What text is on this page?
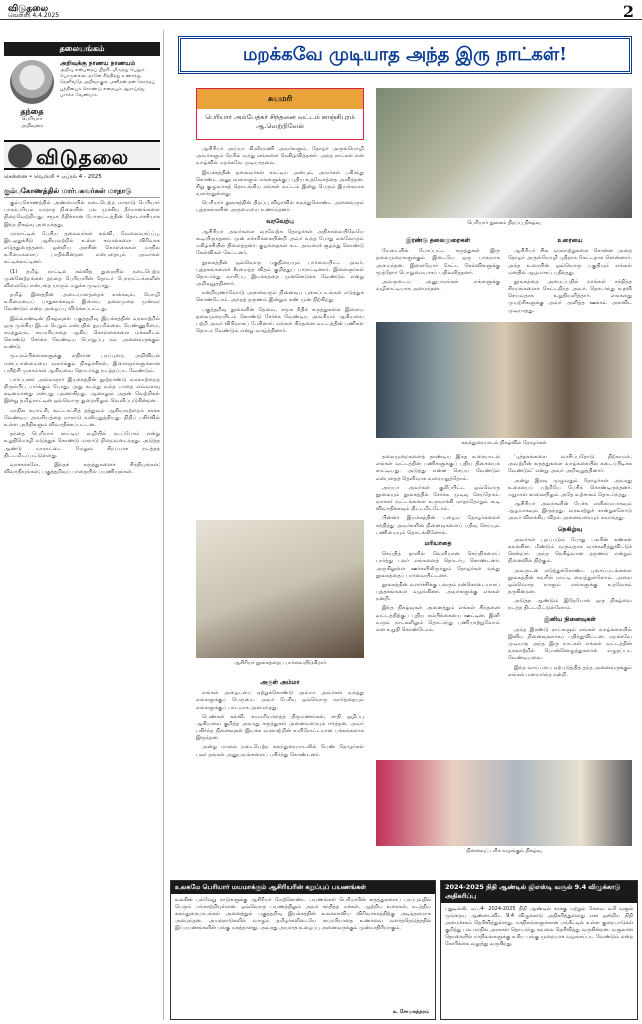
விடுதலை
வெள்ளி 4.4.2025	2
தலையங்கம்
தந்தை
பெரியார் அறிவுரை
அறிவுக்கு நாணய நாணயம்
அறிவு என்பதைப் பிறரிடமிருந்து பெறும் பொருளல்ல; தானே சிந்தித்து உணர்ந்து தெளிவதே அறிவாகும். மனிதன் தன் சொந்தப் புத்தியைக் கொண்டு எதையும் ஆராய்ந்து பார்க்க வேண்டும்.
விடுதலை
சென்னை • வெள்ளி • ஏப்ரல் 4 - 2025
கும்பகோணத்தில் மார்பகவர்கள் மாநாடு

கும்பகோணத்தில் அண்மையில் நடைபெற்ற மாநாடு பெரியார் பாரம்பரியம் மாறாத நிலையில் பல முக்கிய தீர்மானங்களை நிறைவேற்றியது. சமூக நீதிக்கான போராட்டத்தின் தொடர்ச்சியாக இந்த நிகழ்வு அமைந்தது.

மாநாட்டில் பேசிய தலைவர்கள் கல்வி, வேலைவாய்ப்பு, இடஒதுக்கீடு ஆகியவற்றில் உள்ள சவால்களை விரிவாக எடுத்துரைத்தனர். ஒன்றிய அரசின் கொள்கைகள் மாநில உரிமைகளைப் பாதிக்கின்றன என்பதையும் அவர்கள் சுட்டிக்காட்டினர்.

(1) தமிழ் நாட்டில் கல்வித் துறையில் நடைபெற்ற முன்னேற்றங்கள் தந்தை பெரியாரின் தொடர் போராட்டங்களின் விளைவே என்பதை யாரும் மறுக்க முடியாது.

தமிழ் இனத்தின் அடையாளத்தைக் காக்கவும், மொழி உரிமையைப் பாதுகாக்கவும் இளைய தலைமுறை முன்வர வேண்டும் என்ற அழைப்பு விடுக்கப்பட்டது.

இவ்வாண்டின் நிகழ்வுகள் பகுத்தறிவு இயக்கத்தின் வரலாற்றில் ஒரு முக்கிய இடம் பெறும் என்பதில் ஐயமில்லை. பெண்ணுரிமை, சமத்துவம், சுயமரியாதை ஆகிய கொள்கைகளை மக்களிடம் கொண்டு சேர்க்க வேண்டிய பொறுப்பு நம் அனைவருக்கும் உண்டு.

மூடநம்பிக்கைகளுக்கு எதிரான பரப்புரை, அறிவியல் மனப்பான்மையை வளர்க்கும் நிகழ்ச்சிகள், இளைஞர்களுக்கான பயிற்சி முகாம்கள் ஆகியவை தொடர்ந்து நடத்தப்பட வேண்டும்.

பார்ப்பனர் அல்லாதார் இயக்கத்தின் நூற்றாண்டு வரலாற்றைத் திரும்பிப் பார்க்கும் போது, அது கடந்து வந்த பாதை எவ்வளவு கடினமானது என்பது புலனாகிறது. ஆனாலும் அதன் வெற்றிகள் இன்று தமிழ்நாட்டின் ஒவ்வொரு துறையிலும் வெளிப்படுகின்றன.

மாநில சுயாட்சி, கூட்டாட்சித் தத்துவம் ஆகியவற்றைக் காக்க வேண்டிய அவசியத்தை மாநாடு வலியுறுத்தியது. நிதிப் பகிர்வில் உள்ள அநீதிகளும் விவாதிக்கப்பட்டன.

தந்தை பெரியார் காட்டிய வழியில் நடப்போம் என்று உறுதிமொழி எடுத்துக் கொண்டு மாநாடு நிறைவடைந்தது. அடுத்த ஆண்டு மாநாட்டை மேலும் சிறப்பாக நடத்தத் திட்டமிடப்பட்டுள்ளது.

வாசகர்களே, இந்தக் கருத்துகளைச் சிந்தியுங்கள்; விவாதியுங்கள்; பகுத்தறிவுப் பாதையில் பயணியுங்கள்.

மறக்கவே முடியாத அந்த இரு நாட்கள்!
சுயமரி
பெரியார் அம்பேத்கர் சிந்தனை வட்டம் காஞ்சிபுரம் ஆ.வெற்றிவேல்
பெரியார் நூலகம் திறப்பு நிகழ்வு

ஆசிரியர் அய்யா கி.வீரமணி அவர்களும், தோழர் அருள்மொழி அவர்களும் நேரில் வந்து எங்களை நெகிழ்வித்தனர். அந்த நாட்கள் என் வாழ்வில் மறக்கவே முடியாதவை.

இயக்கத்தின் தலைவர்கள் காட்டிய அன்பும், அவர்கள் பகிர்ந்து கொண்ட அனுபவங்களும் எங்களுக்குப் புதிய உத்வேகத்தை அளித்தன. சிறு குழுவாகத் தொடங்கிய எங்கள் வட்டம் இன்று பெரும் இயக்கமாக வளர்ந்துள்ளது.

பெரியார் நூலகத்தின் திறப்பு விழாவில் கலந்துகொண்ட அனைவரும் புத்தகங்களின் அருமையை உணர்ந்தனர்.

வரவேற்பு

ஆசிரியர் அவர்களை வரவேற்க தோழர்கள் அதிகாலையிலேயே கூடியிருந்தனர். முன் எச்சரிக்கையின்றி அவர் வந்த போது எல்லோரும் மகிழ்ச்சியில் திளைத்தனர். குழந்தைகள் கூட அவரைச் சூழ்ந்து கொண்டு கேள்விகள் கேட்டனர்.

நூலகத்தின் ஒவ்வொரு பகுதியையும் பார்வையிட்ட அவர், புத்தகங்களைச் சீரமைத்த விதம் குறித்துப் பாராட்டினார். இளைஞர்கள் தொடர்ந்து வாசிப்பு இயக்கத்தை முன்னெடுக்க வேண்டும் என்று அறிவுறுத்தினார்.

நன்றியுணர்வோடு அனைவரும் நினைவுப் புகைப்படங்கள் எடுத்துக் கொண்டோம். அந்தத் தருணம் இன்றும் கண் முன் நிற்கிறது.

பகுத்தறிவு நூல்களின் தேவை, சமூக நீதிக் கருத்துகளை இளைய தலைமுறையிடம் கொண்டு சேர்க்க வேண்டிய அவசியம் ஆகியவை பற்றி அவர் விரிவாகப் பேசினார். எங்கள் சிந்தனை வட்டத்தின் பணிகள் தொடர வேண்டும் என்று வாழ்த்தினார்.

ஆசிரியர் நூலகத்தைப் பார்வையிடுகிறார்
அருள் அம்மா

எங்கள் அழைப்பை ஏற்றுக்கொண்டு அம்மா அவர்கள் வந்தது எங்களுக்குப் பெருமை. அவர் பேசிய ஒவ்வொரு வார்த்தையும் எங்களுக்குப் பாடமாக அமைந்தது.

பெண்கள் கல்வி, சுயமரியாதைத் திருமணங்கள், சாதி ஒழிப்பு ஆகியவை குறித்த அவரது கருத்துகள் அனைவரையும் ஈர்த்தன. அவர் பகிர்ந்த நினைவுகள் இயக்க வரலாற்றின் உயிரோட்டமான பக்கங்களாக இருந்தன.

அன்று மாலை நடைபெற்ற கலந்துரையாடலில் பெண் தோழர்கள் பலர் தங்கள் அனுபவங்களைப் பகிர்ந்து கொண்டனர்.

இரண்டு தலைமுறைகள்

மேடையில் பேசப்பட்ட கருத்துகள் இரு தலைமுறைகளுக்கும் இடையே ஒரு பாலமாக அமைந்தன. இளையோர் கேட்ட கேள்விகளுக்கு மூத்தோர் பொறுமையாகப் பதிலளித்தனர்.

அவருடைய அனுபவங்கள் எங்களுக்கு வழிகாட்டியாக அமைந்தன.

உரையை

ஆசிரியர் சில வரலாற்றுகளை சொன்ன அதை தோழர் அருள்மொழி புதிதாக கேட்டதாக சொன்னார். அந்த உரையின் ஒவ்வொரு பகுதியும் எங்கள் மனதில் ஆழமாகப் பதிந்தது.

நூலகத்தை அமைப்பதில் நாங்கள் சந்தித்த சிரமங்களைக் கேட்டறிந்த அவர், தொடர்ந்து உதவி செய்வதாக உறுதியளித்தார். எங்களது முயற்சிகளுக்கு அவர் அளித்த ஊக்கம் அளவிட முடியாதது.

கலந்துரையாடல் நிகழ்வில் தோழர்கள்

தலைமுறைகளைத் தாண்டிய இந்த உரையாடல் எங்கள் வட்டத்தின் பணிகளுக்குப் புதிய திசையைக் காட்டியது. அடுத்து என்ன செய்ய வேண்டும் என்பதைத் தெளிவாக வரையறுத்தோம்.

அய்யா அவர்கள் குறிப்பிட்ட ஒவ்வொரு நூலையும் நூலகத்தில் சேர்க்க முடிவு செய்தோம். வாசகர் வட்டங்களை உருவாக்கி மாதந்தோறும் கூடி விவாதிக்கவும் திட்டமிட்டோம்.

பின்னர் இயக்கத்தின் பழைய தோழர்களைச் சந்தித்து அவர்களின் நினைவுகளைப் பதிவு செய்யும் பணியையும் தொடங்கினோம்.

மரியாதை

செய்தித் தாளில் வெளியான செய்திகளைப் பார்த்து பலர் எங்களைத் தொடர்பு கொண்டனர். அருகிலுள்ள ஊர்களிலிருந்தும் தோழர்கள் வந்து நூலகத்தைப் பார்வையிட்டனர்.

நூலகத்தின் வளர்ச்சிக்கு பலரும் நன்கொடையாகப் புத்தகங்களை வழங்கினர். அவர்களுக்கு எங்கள் நன்றி.

இந்த நிகழ்வுகள் அனைத்தும் எங்கள் சிந்தனை வட்டத்திற்குப் புதிய நம்பிக்கையை ஊட்டின. இனி வரும் நாட்களிலும் தொடர்ந்து பணியாற்றுவோம் என உறுதி கொண்டோம்.

‘புத்தகங்களை வாசிப்பதோடு நிற்காமல், அவற்றின் கருத்துகளை வாழ்க்கையில் கடைப்பிடிக்க வேண்டும்’ என்று அவர் அறிவுறுத்தினார்.

அன்று இரவு முழுவதும் தோழர்கள் அவரது உரையைப் பற்றியே பேசிக் கொண்டிருந்தனர். மறுநாள் காலையிலும் அதே உற்சாகம் தொடர்ந்தது.

ஆசிரியர் அவர்களின் பேச்சு எளிமையாகவும் ஆழமாகவும் இருந்தது. வரலாற்றுச் சான்றுகளோடு அவர் விளக்கிய விதம் அனைவரையும் கவர்ந்தது.

நெகிழ்வு

அவர்கள் புறப்படும் போது பலரின் கண்கள் கலங்கின. மீண்டும் வருவதாக வாக்களித்துவிட்டுச் சென்றார். அந்த நெகிழ்வான தருணம் என்றும் நினைவில் நிற்கும்.

அவருடன் எடுத்துக்கொண்ட புகைப்படங்களை நூலகத்தின் சுவரில் மாட்டி வைத்துள்ளோம். அவை ஒவ்வொரு நாளும் எங்களுக்கு உத்வேகம் தருகின்றன.

அடுத்த ஆண்டும் இதேபோல் ஒரு நிகழ்வை நடத்த திட்டமிட்டுள்ளோம்.

இனிய நினைவுகள்

அந்த இரண்டு நாட்களும் எங்கள் வாழ்க்கையில் இனிய நினைவுகளாகப் பதிந்துவிட்டன. மறக்கவே முடியாத அந்த இரு நாட்கள் எங்கள் வட்டத்தின் வரலாற்றில் பொன்னெழுத்துகளால் எழுதப்பட வேண்டியவை.

இந்த வாய்ப்பை ஏற்படுத்தித் தந்த அனைவருக்கும் எங்கள் மனமார்ந்த நன்றி.

நினைவுப் பரிசு வழங்கும் நிகழ்வு
உலகமே பெரியார் மயமாக்கும் ஆசிரியரின் கறுப்புப் பயணங்கள்
உலகின் பல்வேறு நாடுகளுக்கு ஆசிரியர் மேற்கொண்ட பயணங்கள் பெரியாரின் கருத்துகளைப் பரப்புவதில் பெரும் பங்காற்றியுள்ளன. ஒவ்வொரு பயணத்திலும் அவர் சந்தித்த மக்கள், ஆற்றிய உரைகள், நடத்திய கலந்துரையாடல்கள் அனைத்தும் பகுத்தறிவு இயக்கத்தின் உலகளாவிய விரிவாக்கத்திற்கு அடித்தளமாக அமைந்தன. அயல்நாடுகளில் வாழும் தமிழர்களிடையே சுயமரியாதை உணர்வை வளர்த்தெடுத்ததில் இப்பயணங்களின் பங்கு மகத்தானது. அவரது அயராத உழைப்பு அனைவருக்கும் முன்மாதிரியாகும்.
க. சோமசுந்தரம்
2024-2025 நிதி ஆண்டில் ஜிஎஸ்டி வசூல் 9.4 விழுக்காடு அதிகரிப்பு
புதுடில்லி, ஏப்.4- 2024-2025 நிதி ஆண்டில் சரக்கு மற்றும் சேவை வரி வசூல் முந்தைய ஆண்டைவிட 9.4 விழுக்காடு அதிகரித்துள்ளது என ஒன்றிய நிதி அமைச்சகம் தெரிவித்துள்ளது. மாநிலங்களுக்கான பங்கீட்டில் உள்ள குறைபாடுகள் குறித்து பல மாநில அரசுகள் தொடர்ந்து கவலை தெரிவித்து வருகின்றன. வசூலான தொகையில் மாநிலங்களுக்கு உரிய பங்கு முறையாக வழங்கப்பட வேண்டும் என்ற கோரிக்கை வலுத்து வருகிறது.
